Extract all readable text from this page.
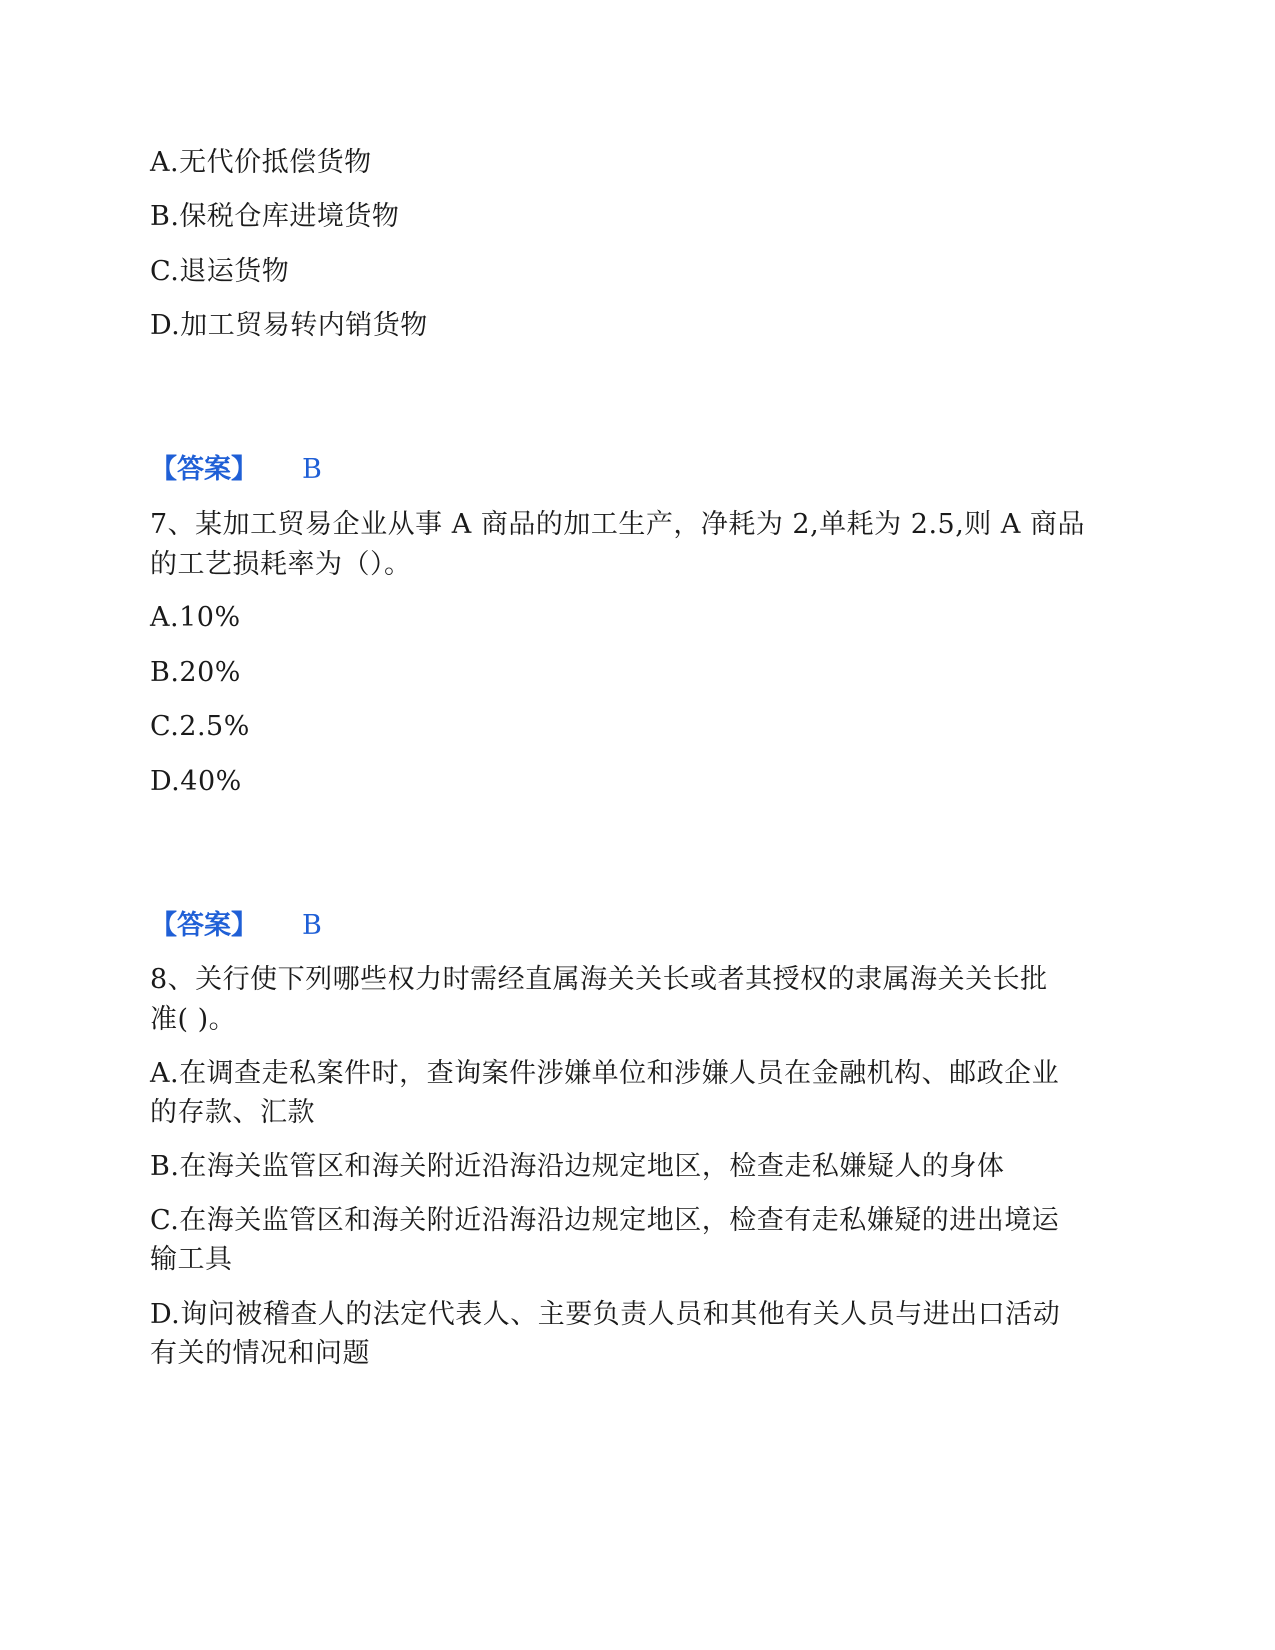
A.无代价抵偿货物
B.保税仓库进境货物
C.退运货物
D.加工贸易转内销货物
【答案】 B
7、某加工贸易企业从事 A 商品的加工生产，净耗为 2,单耗为 2.5,则 A 商品
的工艺损耗率为（）。
A.10%
B.20%
C.2.5%
D.40%
【答案】 B
8、关行使下列哪些权力时需经直属海关关长或者其授权的隶属海关关长批
准( )。
A.在调查走私案件时，查询案件涉嫌单位和涉嫌人员在金融机构、邮政企业
的存款、汇款
B.在海关监管区和海关附近沿海沿边规定地区，检查走私嫌疑人的身体
C.在海关监管区和海关附近沿海沿边规定地区，检查有走私嫌疑的进出境运
输工具
D.询问被稽查人的法定代表人、主要负责人员和其他有关人员与进出口活动
有关的情况和问题
